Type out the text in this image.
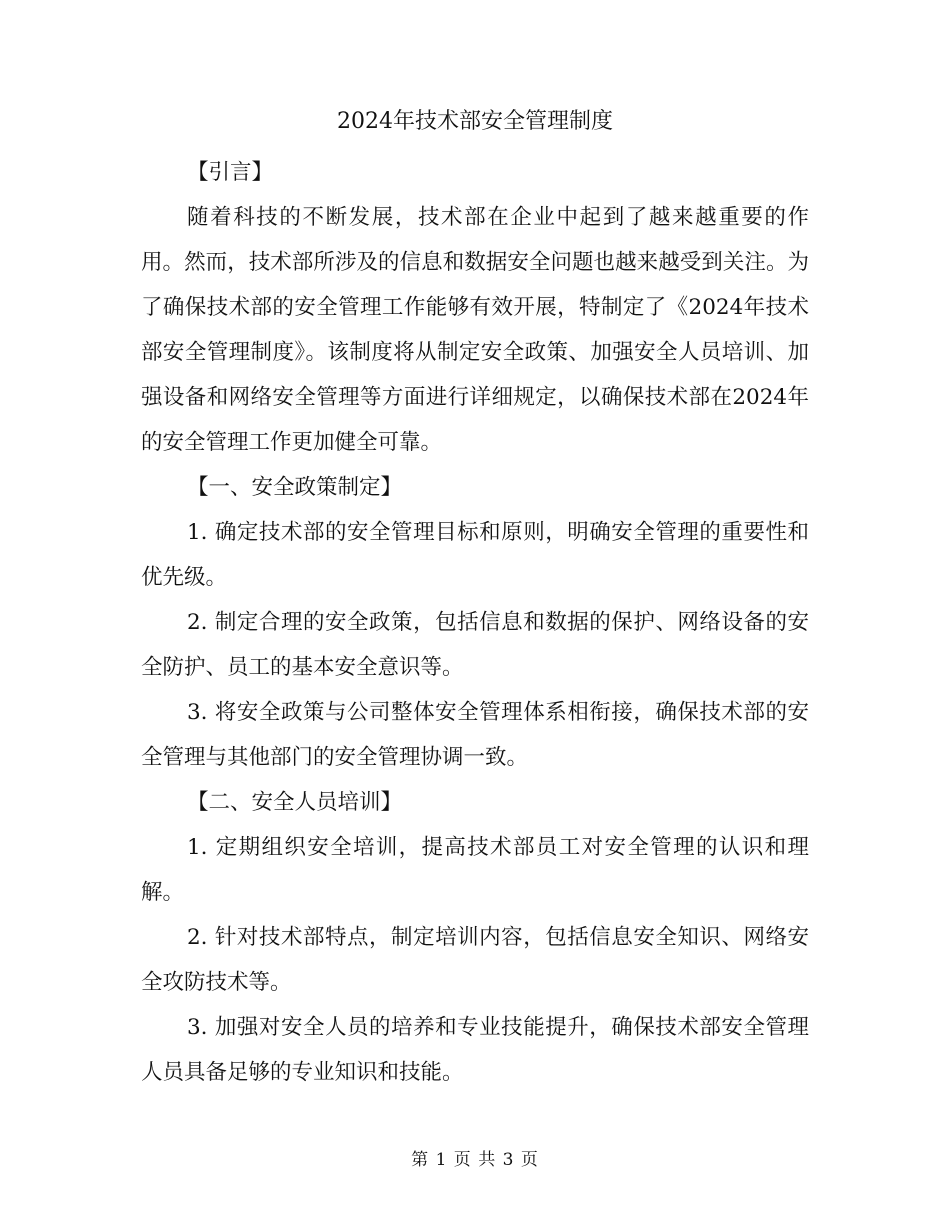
2024年技术部安全管理制度

【引言】

随着科技的不断发展，技术部在企业中起到了越来越重要的作用。然而，技术部所涉及的信息和数据安全问题也越来越受到关注。为了确保技术部的安全管理工作能够有效开展，特制定了《2024年技术部安全管理制度》。该制度将从制定安全政策、加强安全人员培训、加强设备和网络安全管理等方面进行详细规定，以确保技术部在2024年的安全管理工作更加健全可靠。

【一、安全政策制定】

1. 确定技术部的安全管理目标和原则，明确安全管理的重要性和优先级。

2. 制定合理的安全政策，包括信息和数据的保护、网络设备的安全防护、员工的基本安全意识等。

3. 将安全政策与公司整体安全管理体系相衔接，确保技术部的安全管理与其他部门的安全管理协调一致。

【二、安全人员培训】

1. 定期组织安全培训，提高技术部员工对安全管理的认识和理解。

2. 针对技术部特点，制定培训内容，包括信息安全知识、网络安全攻防技术等。

3. 加强对安全人员的培养和专业技能提升，确保技术部安全管理人员具备足够的专业知识和技能。

第 1 页 共 3 页
